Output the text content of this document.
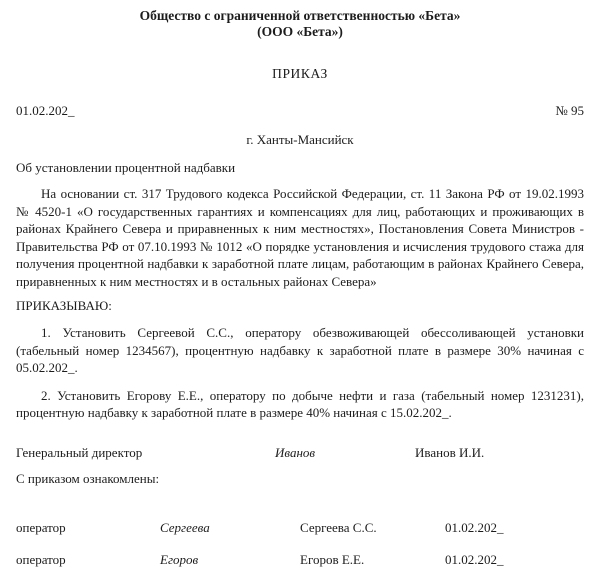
Общество с ограниченной ответственностью «Бета»
(ООО «Бета»)
ПРИКАЗ
01.02.202_	№ 95
г. Ханты-Мансийск
Об установлении процентной надбавки

На основании ст. 317 Трудового кодекса Российской Федерации, ст. 11 Закона РФ от 19.02.1993 № 4520-1 «О государственных гарантиях и компенсациях для лиц, работающих и проживающих в районах Крайнего Севера и приравненных к ним местностях», Постановления Совета Министров - Правительства РФ от 07.10.1993 № 1012 «О порядке установления и исчисления трудового стажа для получения процентной надбавки к заработной плате лицам, работающим в районах Крайнего Севера, приравненных к ним местностях и в остальных районах Севера»

ПРИКАЗЫВАЮ:

1. Установить Сергеевой С.С., оператору обезвоживающей обессоливающей установки (табельный номер 1234567), процентную надбавку к заработной плате в размере 30% начиная с 05.02.202_.

2. Установить Егорову Е.Е., оператору по добыче нефти и газа (табельный номер 1231231), процентную надбавку к заработной плате в размере 40% начиная с 15.02.202_.

Генеральный директор	Иванов	Иванов И.И.
С приказом ознакомлены:
оператор	Сергеева	Сергеева С.С.	01.02.202_
оператор	Егоров	Егоров Е.Е.	01.02.202_
